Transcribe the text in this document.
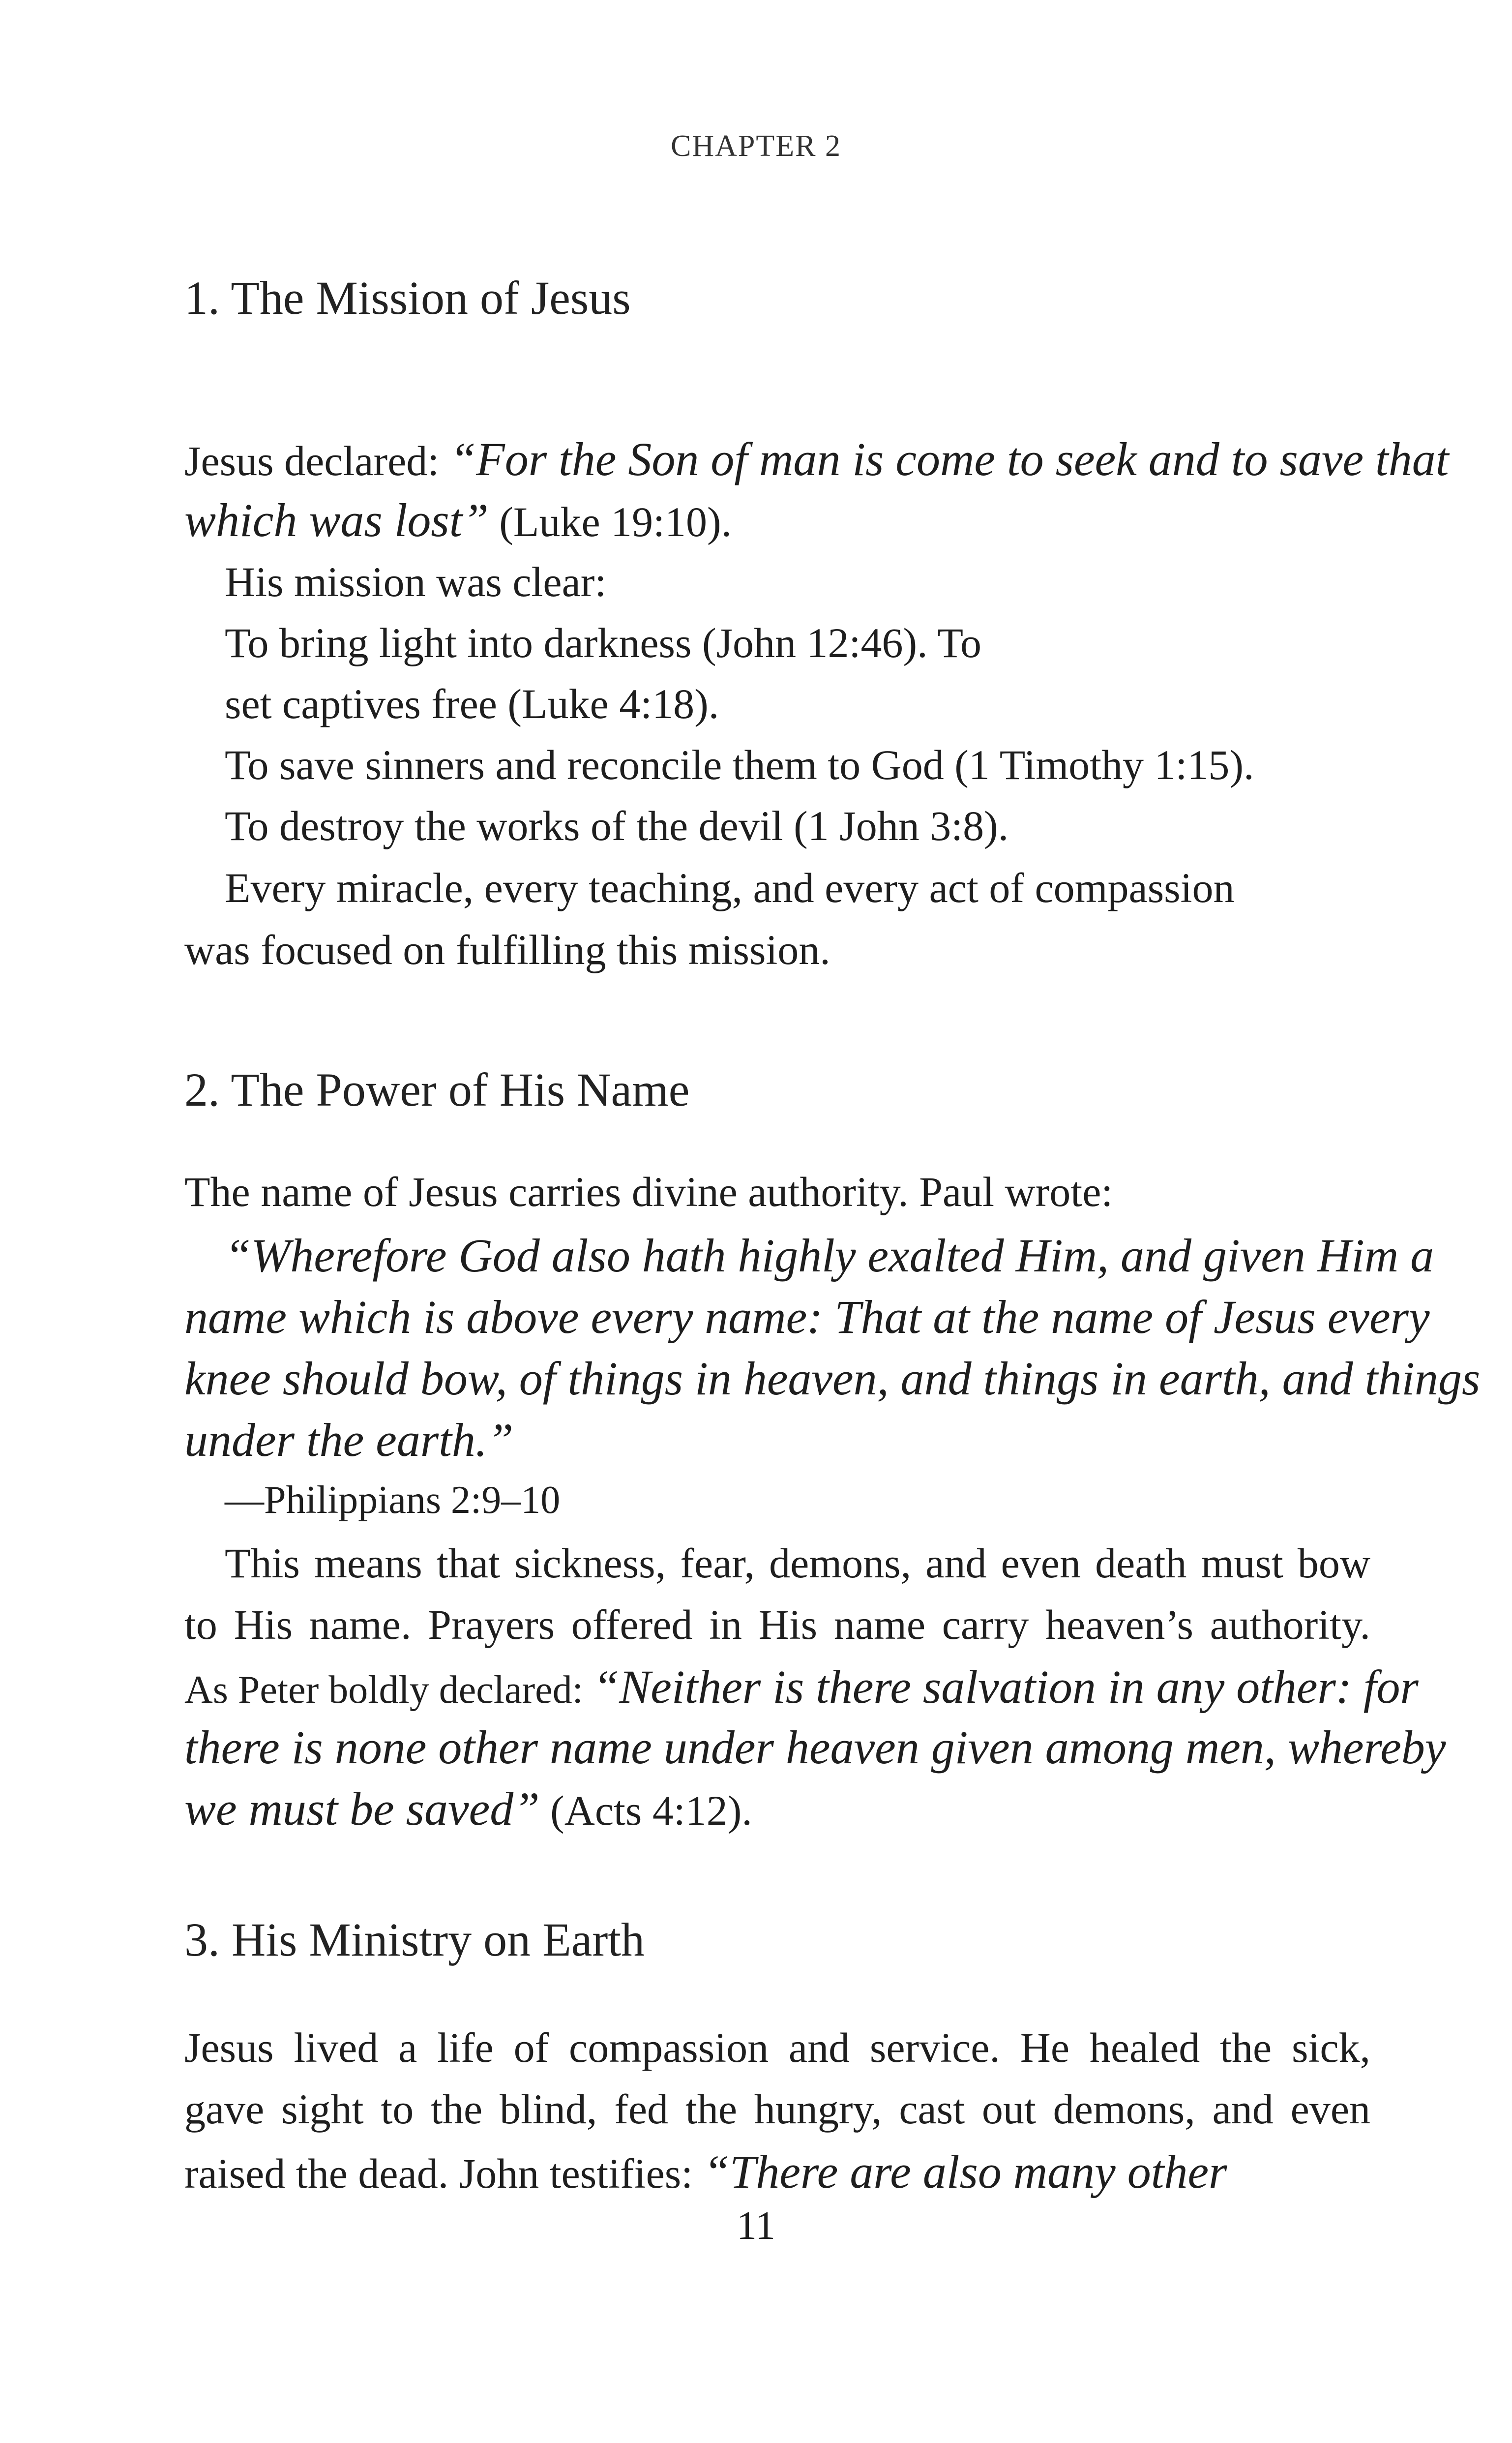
CHAPTER 2
1. The Mission of Jesus
Jesus declared: “For the Son of man is come to seek and to save that
which was lost” (Luke 19:10).
His mission was clear:
To bring light into darkness (John 12:46). To
set captives free (Luke 4:18).
To save sinners and reconcile them to God (1 Timothy 1:15).
To destroy the works of the devil (1 John 3:8).
Every miracle, every teaching, and every act of compassion
was focused on fulfilling this mission.
2. The Power of His Name
The name of Jesus carries divine authority. Paul wrote:
“Wherefore God also hath highly exalted Him, and given Him a
name which is above every name: That at the name of Jesus every
knee should bow, of things in heaven, and things in earth, and things
under the earth.”
—Philippians 2:9–10
This means that sickness, fear, demons, and even death must bow
to His name. Prayers offered in His name carry heaven’s authority.
As Peter boldly declared: “Neither is there salvation in any other: for
there is none other name under heaven given among men, whereby
we must be saved” (Acts 4:12).
3. His Ministry on Earth
Jesus lived a life of compassion and service. He healed the sick,
gave sight to the blind, fed the hungry, cast out demons, and even
raised the dead. John testifies: “There are also many other
11
